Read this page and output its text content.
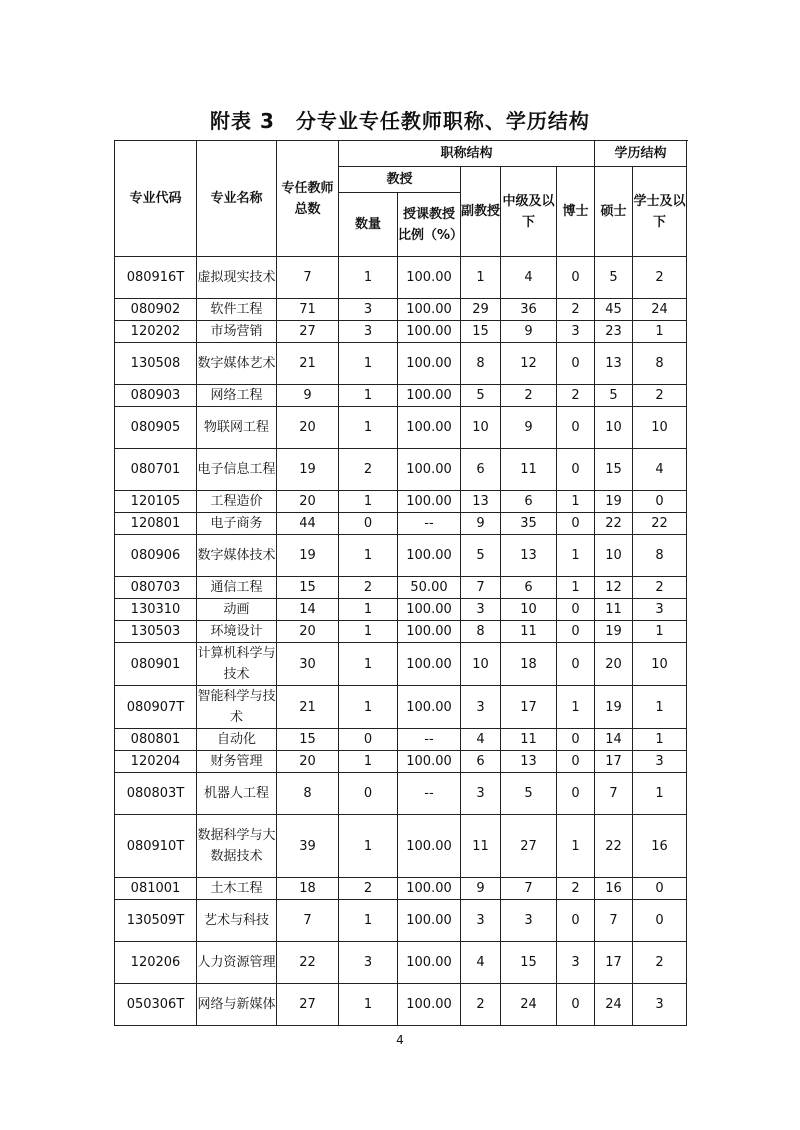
附表 3　分专业专任教师职称、学历结构
专业代码	专业名称	专任教师总数	职称结构					学历结构	
			教授		副教授	中级及以下	博士	硕士	学士及以下
			数量	授课教授比例（%）					
080916T	虚拟现实技术	7	1	100.00	1	4	0	5	2
080902	软件工程	71	3	100.00	29	36	2	45	24
120202	市场营销	27	3	100.00	15	9	3	23	1
130508	数字媒体艺术	21	1	100.00	8	12	0	13	8
080903	网络工程	9	1	100.00	5	2	2	5	2
080905	物联网工程	20	1	100.00	10	9	0	10	10
080701	电子信息工程	19	2	100.00	6	11	0	15	4
120105	工程造价	20	1	100.00	13	6	1	19	0
120801	电子商务	44	0	--	9	35	0	22	22
080906	数字媒体技术	19	1	100.00	5	13	1	10	8
080703	通信工程	15	2	50.00	7	6	1	12	2
130310	动画	14	1	100.00	3	10	0	11	3
130503	环境设计	20	1	100.00	8	11	0	19	1
080901	计算机科学与技术	30	1	100.00	10	18	0	20	10
080907T	智能科学与技术	21	1	100.00	3	17	1	19	1
080801	自动化	15	0	--	4	11	0	14	1
120204	财务管理	20	1	100.00	6	13	0	17	3
080803T	机器人工程	8	0	--	3	5	0	7	1
080910T	数据科学与大数据技术	39	1	100.00	11	27	1	22	16
081001	土木工程	18	2	100.00	9	7	2	16	0
130509T	艺术与科技	7	1	100.00	3	3	0	7	0
120206	人力资源管理	22	3	100.00	4	15	3	17	2
050306T	网络与新媒体	27	1	100.00	2	24	0	24	3
4
